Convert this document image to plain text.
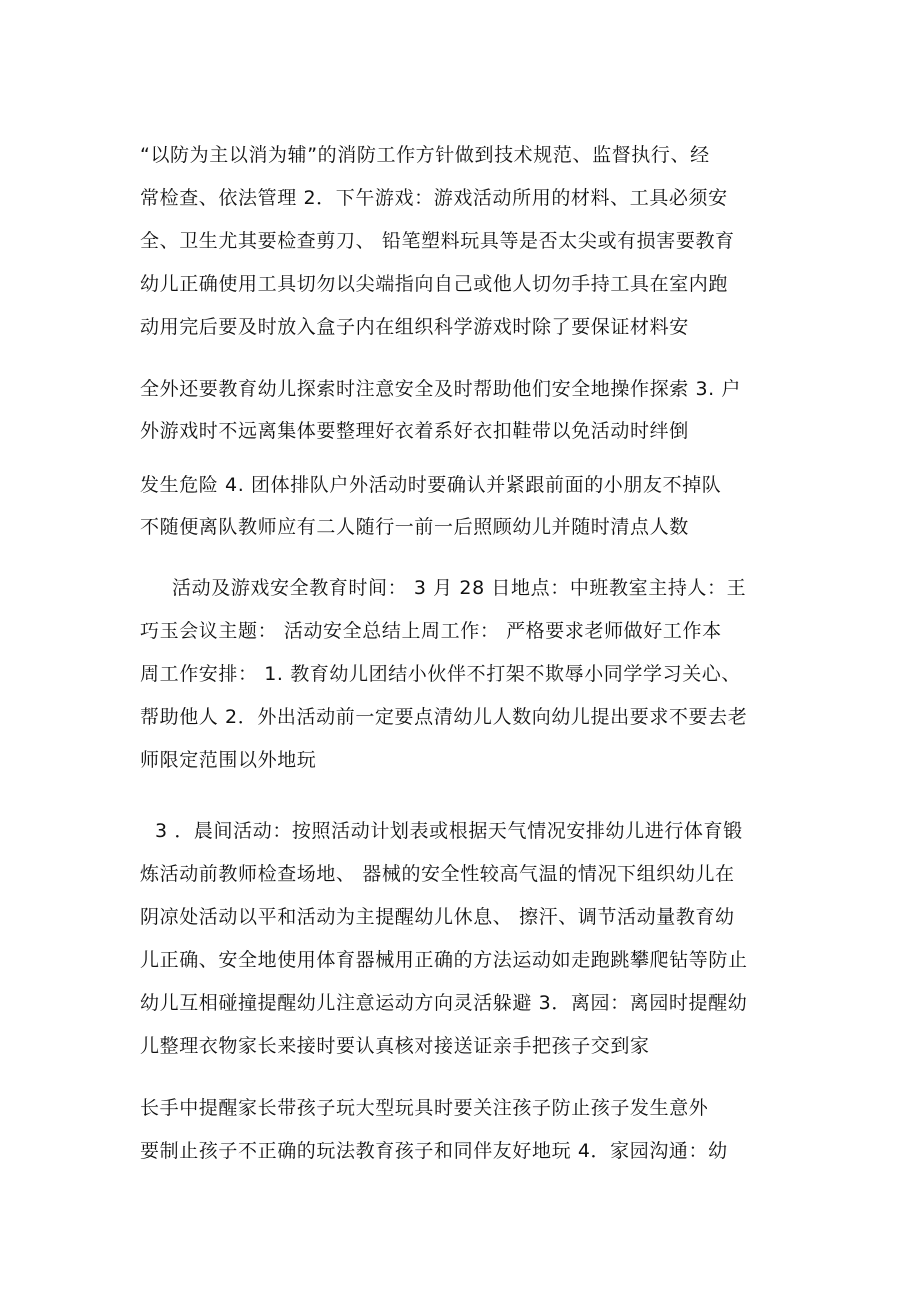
“以防为主以消为辅”的消防工作方针做到技术规范、监督执行、经
常检查、依法管理 2．下午游戏：游戏活动所用的材料、工具必须安
全、卫生尤其要检查剪刀、 铅笔塑料玩具等是否太尖或有损害要教育
幼儿正确使用工具切勿以尖端指向自己或他人切勿手持工具在室内跑
动用完后要及时放入盒子内在组织科学游戏时除了要保证材料安
全外还要教育幼儿探索时注意安全及时帮助他们安全地操作探索 3. 户
外游戏时不远离集体要整理好衣着系好衣扣鞋带以免活动时绊倒
发生危险 4. 团体排队户外活动时要确认并紧跟前面的小朋友不掉队
不随便离队教师应有二人随行一前一后照顾幼儿并随时清点人数
活动及游戏安全教育时间： 3 月 28 日地点：中班教室主持人：王
巧玉会议主题： 活动安全总结上周工作： 严格要求老师做好工作本
周工作安排： 1. 教育幼儿团结小伙伴不打架不欺辱小同学学习关心、
帮助他人 2．外出活动前一定要点清幼儿人数向幼儿提出要求不要去老
师限定范围以外地玩
3 ．晨间活动：按照活动计划表或根据天气情况安排幼儿进行体育锻
炼活动前教师检查场地、 器械的安全性较高气温的情况下组织幼儿在
阴凉处活动以平和活动为主提醒幼儿休息、 擦汗、调节活动量教育幼
儿正确、安全地使用体育器械用正确的方法运动如走跑跳攀爬钻等防止
幼儿互相碰撞提醒幼儿注意运动方向灵活躲避 3．离园：离园时提醒幼
儿整理衣物家长来接时要认真核对接送证亲手把孩子交到家
长手中提醒家长带孩子玩大型玩具时要关注孩子防止孩子发生意外
要制止孩子不正确的玩法教育孩子和同伴友好地玩 4．家园沟通：幼
